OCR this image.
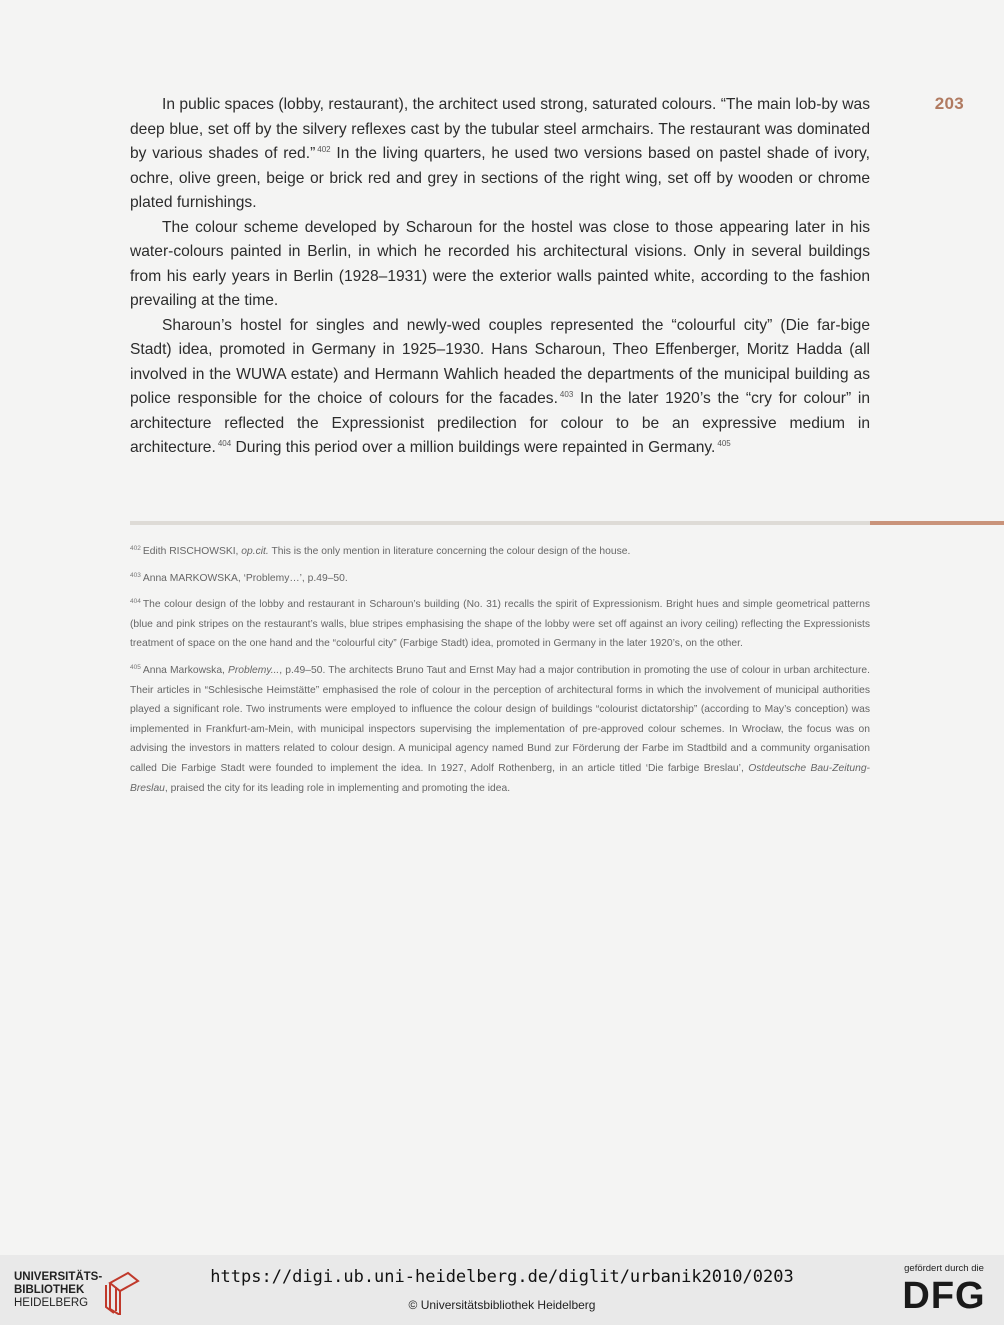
203

In public spaces (lobby, restaurant), the architect used strong, saturated colours. “The main lob-by was deep blue, set off by the silvery reflexes cast by the tubular steel armchairs. The restaurant was dominated by various shades of red.” $^{402}$ In the living quarters, he used two versions based on pastel shade of ivory, ochre, olive green, beige or brick red and grey in sections of the right wing, set off by wooden or chrome plated furnishings.

The colour scheme developed by Scharoun for the hostel was close to those appearing later in his water-colours painted in Berlin, in which he recorded his architectural visions. Only in several buildings from his early years in Berlin (1928–1931) were the exterior walls painted white, according to the fashion prevailing at the time.

Sharoun’s hostel for singles and newly-wed couples represented the “colourful city” (Die far-bige Stadt) idea, promoted in Germany in 1925–1930. Hans Scharoun, Theo Effenberger, Moritz Hadda (all involved in the WUWA estate) and Hermann Wahlich headed the departments of the municipal building as police responsible for the choice of colours for the facades. $^{403}$ In the later 1920’s the “cry for colour” in architecture reflected the Expressionist predilection for colour to be an expressive medium in architecture. $^{404}$ During this period over a million buildings were repainted in Germany. $^{405}$

$^{402}$ Edith RISCHOWSKI, op.cit. This is the only mention in literature concerning the colour design of the house.
$^{403}$ Anna MARKOWSKA, ‘Problemy…’, p.49–50.
$^{404}$ The colour design of the lobby and restaurant in Scharoun’s building (No. 31) recalls the spirit of Expressionism. Bright hues and simple geometrical patterns (blue and pink stripes on the restaurant’s walls, blue stripes emphasising the shape of the lobby were set off against an ivory ceiling) reflecting the Expressionists treatment of space on the one hand and the “colourful city” (Farbige Stadt) idea, promoted in Germany in the later 1920’s, on the other.
$^{405}$ Anna Markowska, Problemy..., p.49–50. The architects Bruno Taut and Ernst May had a major contribution in promoting the use of colour in urban architecture. Their articles in “Schlesische Heimstätte” emphasised the role of colour in the perception of architectural forms in which the involvement of municipal authorities played a significant role. Two instruments were employed to influence the colour design of buildings “colourist dictatorship” (according to May’s conception) was implemented in Frankfurt-am-Mein, with municipal inspectors supervising the implementation of pre-approved colour schemes. In Wrocław, the focus was on advising the investors in matters related to colour design. A municipal agency named Bund zur Förderung der Farbe im Stadtbild and a community organisation called Die Farbige Stadt were founded to implement the idea. In 1927, Adolf Rothenberg, in an article titled ‘Die farbige Breslau’, Ostdeutsche Bau-Zeitung-Breslau, praised the city for its leading role in implementing and promoting the idea.
UNIVERSITÄTS-
BIBLIOTHEK
HEIDELBERG
https://digi.ub.uni-heidelberg.de/diglit/urbanik2010/0203
© Universitätsbibliothek Heidelberg
gefördert durch die
DFG
